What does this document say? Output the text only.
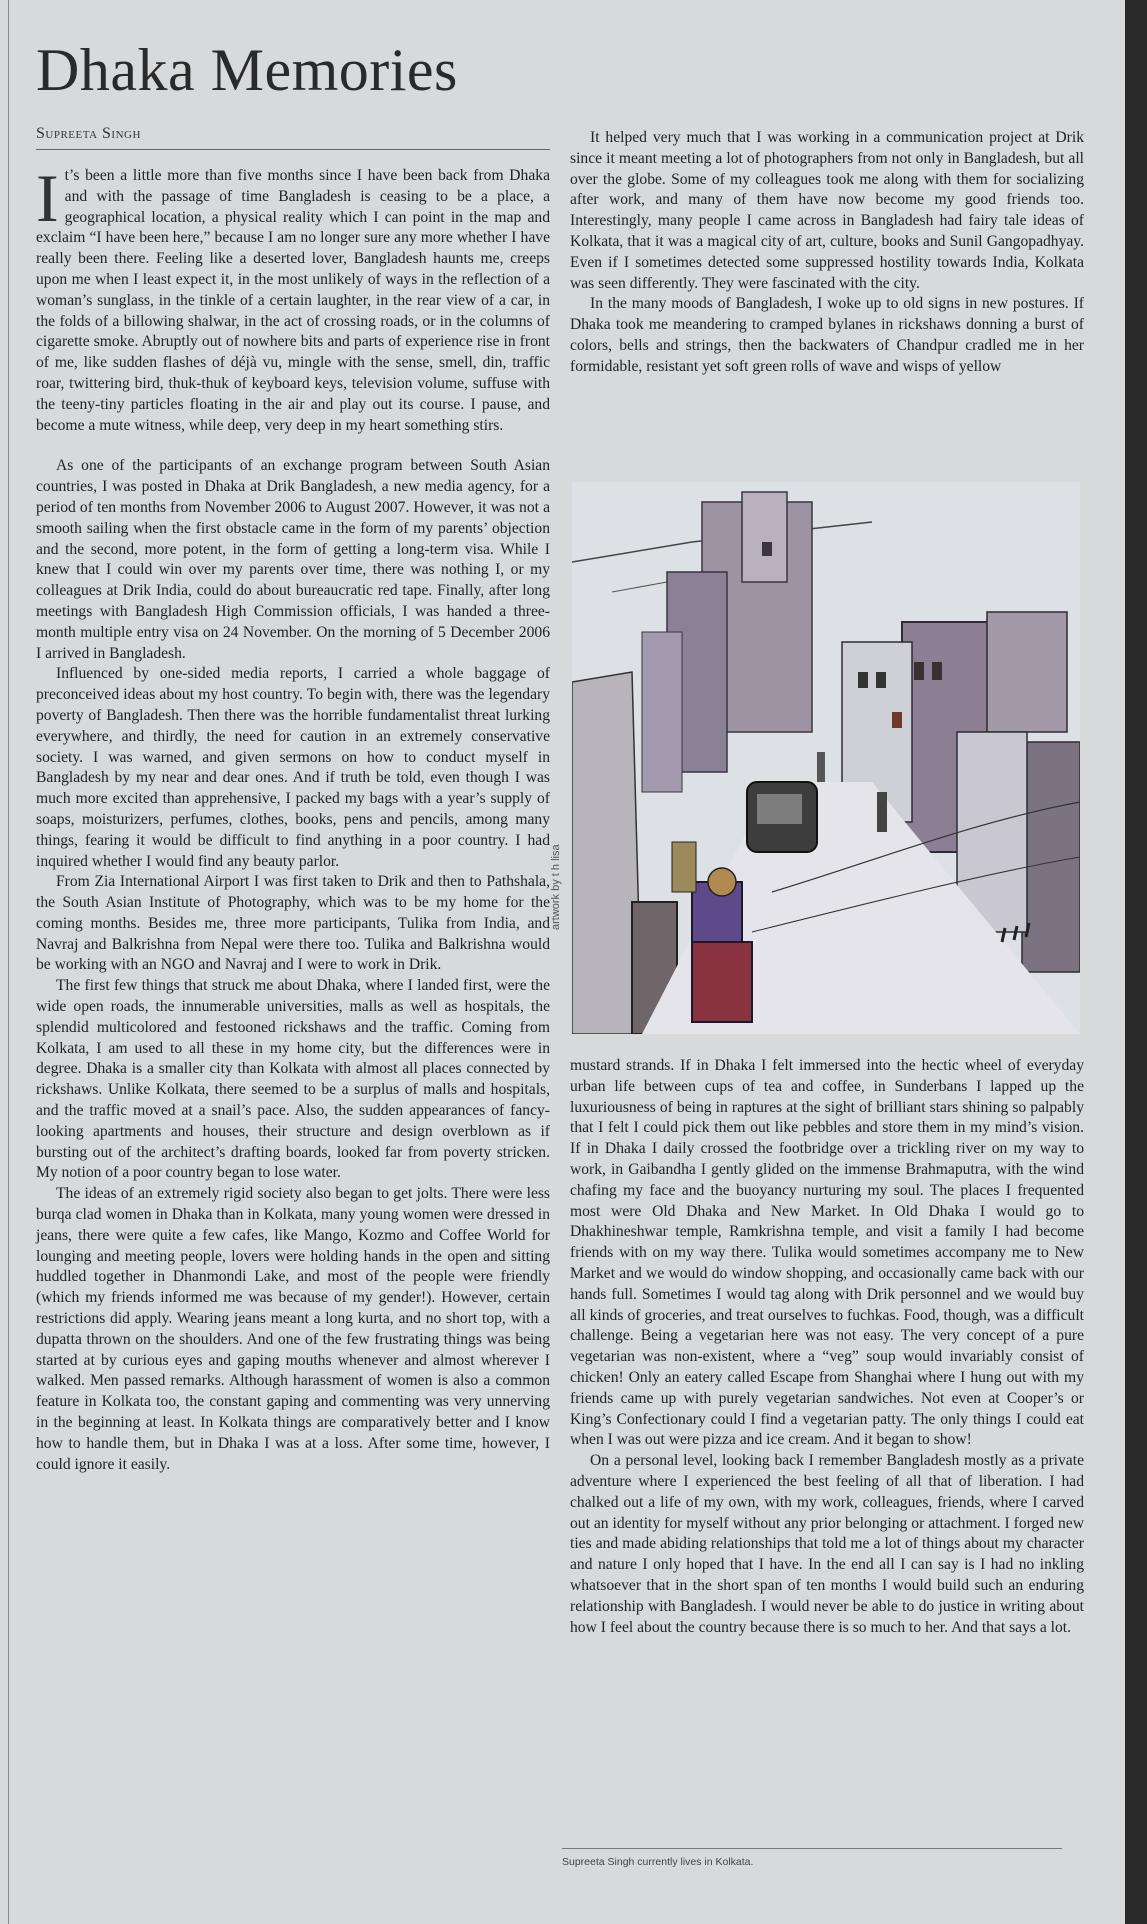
Dhaka Memories
Supreeta Singh

It’s been a little more than five months since I have been back from Dhaka and with the passage of time Bangladesh is ceasing to be a place, a geographical location, a physical reality which I can point in the map and exclaim “I have been here,” because I am no longer sure any more whether I have really been there. Feeling like a deserted lover, Bangladesh haunts me, creeps upon me when I least expect it, in the most unlikely of ways in the reflection of a woman’s sunglass, in the tinkle of a certain laughter, in the rear view of a car, in the folds of a billowing shalwar, in the act of crossing roads, or in the columns of cigarette smoke. Abruptly out of nowhere bits and parts of experience rise in front of me, like sudden flashes of déjà vu, mingle with the sense, smell, din, traffic roar, twittering bird, thuk-thuk of keyboard keys, television volume, suffuse with the teeny-tiny particles floating in the air and play out its course. I pause, and become a mute witness, while deep, very deep in my heart something stirs.

As one of the participants of an exchange program between South Asian countries, I was posted in Dhaka at Drik Bangladesh, a new media agency, for a period of ten months from November 2006 to August 2007. However, it was not a smooth sailing when the first obstacle came in the form of my parents’ objection and the second, more potent, in the form of getting a long-term visa. While I knew that I could win over my parents over time, there was nothing I, or my colleagues at Drik India, could do about bureaucratic red tape. Finally, after long meetings with Bangladesh High Commission officials, I was handed a three-month multiple entry visa on 24 November. On the morning of 5 December 2006 I arrived in Bangladesh.

Influenced by one-sided media reports, I carried a whole baggage of preconceived ideas about my host country. To begin with, there was the legendary poverty of Bangladesh. Then there was the horrible fundamentalist threat lurking everywhere, and thirdly, the need for caution in an extremely conservative society. I was warned, and given sermons on how to conduct myself in Bangladesh by my near and dear ones. And if truth be told, even though I was much more excited than apprehensive, I packed my bags with a year’s supply of soaps, moisturizers, perfumes, clothes, books, pens and pencils, among many things, fearing it would be difficult to find anything in a poor country. I had inquired whether I would find any beauty parlor.

From Zia International Airport I was first taken to Drik and then to Pathshala, the South Asian Institute of Photography, which was to be my home for the coming months. Besides me, three more participants, Tulika from India, and Navraj and Balkrishna from Nepal were there too. Tulika and Balkrishna would be working with an NGO and Navraj and I were to work in Drik.

The first few things that struck me about Dhaka, where I landed first, were the wide open roads, the innumerable universities, malls as well as hospitals, the splendid multicolored and festooned rickshaws and the traffic. Coming from Kolkata, I am used to all these in my home city, but the differences were in degree. Dhaka is a smaller city than Kolkata with almost all places connected by rickshaws. Unlike Kolkata, there seemed to be a surplus of malls and hospitals, and the traffic moved at a snail’s pace. Also, the sudden appearances of fancy-looking apartments and houses, their structure and design overblown as if bursting out of the architect’s drafting boards, looked far from poverty stricken. My notion of a poor country began to lose water.

The ideas of an extremely rigid society also began to get jolts. There were less burqa clad women in Dhaka than in Kolkata, many young women were dressed in jeans, there were quite a few cafes, like Mango, Kozmo and Coffee World for lounging and meeting people, lovers were holding hands in the open and sitting huddled together in Dhanmondi Lake, and most of the people were friendly (which my friends informed me was because of my gender!). However, certain restrictions did apply. Wearing jeans meant a long kurta, and no short top, with a dupatta thrown on the shoulders. And one of the few frustrating things was being started at by curious eyes and gaping mouths whenever and almost wherever I walked. Men passed remarks. Although harassment of women is also a common feature in Kolkata too, the constant gaping and commenting was very unnerving in the beginning at least. In Kolkata things are comparatively better and I know how to handle them, but in Dhaka I was at a loss. After some time, however, I could ignore it easily.

It helped very much that I was working in a communication project at Drik since it meant meeting a lot of photographers from not only in Bangladesh, but all over the globe. Some of my colleagues took me along with them for socializing after work, and many of them have now become my good friends too. Interestingly, many people I came across in Bangladesh had fairy tale ideas of Kolkata, that it was a magical city of art, culture, books and Sunil Gangopadhyay. Even if I sometimes detected some suppressed hostility towards India, Kolkata was seen differently. They were fascinated with the city.

In the many moods of Bangladesh, I woke up to old signs in new postures. If Dhaka took me meandering to cramped bylanes in rickshaws donning a burst of colors, bells and strings, then the backwaters of Chandpur cradled me in her formidable, resistant yet soft green rolls of wave and wisps of yellow

artwork by t h lisa

mustard strands. If in Dhaka I felt immersed into the hectic wheel of everyday urban life between cups of tea and coffee, in Sunderbans I lapped up the luxuriousness of being in raptures at the sight of brilliant stars shining so palpably that I felt I could pick them out like pebbles and store them in my mind’s vision. If in Dhaka I daily crossed the footbridge over a trickling river on my way to work, in Gaibandha I gently glided on the immense Brahmaputra, with the wind chafing my face and the buoyancy nurturing my soul. The places I frequented most were Old Dhaka and New Market. In Old Dhaka I would go to Dhakhineshwar temple, Ramkrishna temple, and visit a family I had become friends with on my way there. Tulika would sometimes accompany me to New Market and we would do window shopping, and occasionally came back with our hands full. Sometimes I would tag along with Drik personnel and we would buy all kinds of groceries, and treat ourselves to fuchkas. Food, though, was a difficult challenge. Being a vegetarian here was not easy. The very concept of a pure vegetarian was non-existent, where a “veg” soup would invariably consist of chicken! Only an eatery called Escape from Shanghai where I hung out with my friends came up with purely vegetarian sandwiches. Not even at Cooper’s or King’s Confectionary could I find a vegetarian patty. The only things I could eat when I was out were pizza and ice cream. And it began to show!

On a personal level, looking back I remember Bangladesh mostly as a private adventure where I experienced the best feeling of all that of liberation. I had chalked out a life of my own, with my work, colleagues, friends, where I carved out an identity for myself without any prior belonging or attachment. I forged new ties and made abiding relationships that told me a lot of things about my character and nature I only hoped that I have. In the end all I can say is I had no inkling whatsoever that in the short span of ten months I would build such an enduring relationship with Bangladesh. I would never be able to do justice in writing about how I feel about the country because there is so much to her. And that says a lot.

Supreeta Singh currently lives in Kolkata.
